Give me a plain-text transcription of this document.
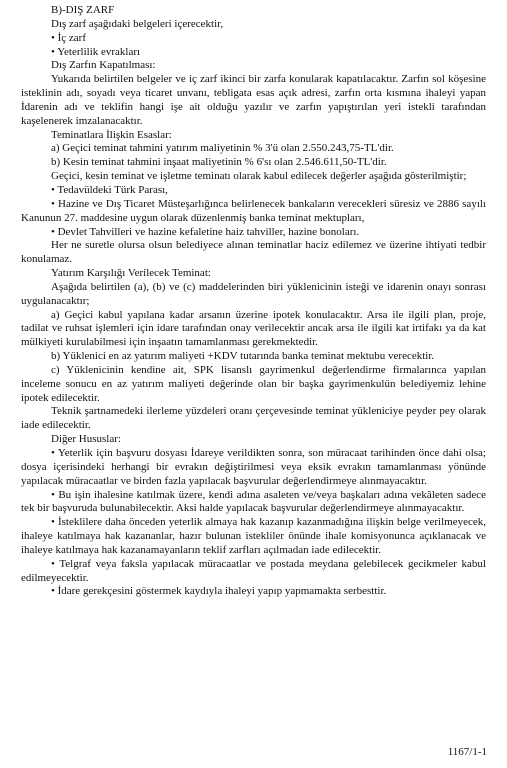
B)-DIŞ ZARF

Dış zarf aşağıdaki belgeleri içerecektir,

• İç zarf

• Yeterlilik evrakları

Dış Zarfın Kapatılması:

Yukarıda belirtilen belgeler ve iç zarf ikinci bir zarfa konularak kapatılacaktır. Zarfın sol köşesine isteklinin adı, soyadı veya ticaret unvanı, tebligata esas açık adresi, zarfın orta kısmına ihaleyi yapan İdarenin adı ve teklifin hangi işe ait olduğu yazılır ve zarfın yapıştırılan yeri istekli tarafından kaşelenerek imzalanacaktır.

Teminatlara İlişkin Esaslar:

a) Geçici teminat tahmini yatırım maliyetinin % 3'ü olan 2.550.243,75-TL'dir.

b) Kesin teminat tahmini inşaat maliyetinin % 6'sı olan 2.546.611,50-TL'dir.

Geçici, kesin teminat ve işletme teminatı olarak kabul edilecek değerler aşağıda gösterilmiştir;

• Tedavüldeki Türk Parası,

• Hazine ve Dış Ticaret Müsteşarlığınca belirlenecek bankaların verecekleri süresiz ve 2886 sayılı Kanunun 27. maddesine uygun olarak düzenlenmiş banka teminat mektupları,

• Devlet Tahvilleri ve hazine kefaletine haiz tahviller, hazine bonoları.

Her ne suretle olursa olsun belediyece alınan teminatlar haciz edilemez ve üzerine ihtiyati tedbir konulamaz.

Yatırım Karşılığı Verilecek Teminat:

Aşağıda belirtilen (a), (b) ve (c) maddelerinden biri yüklenicinin isteği ve idarenin onayı sonrası uygulanacaktır;

a) Geçici kabul yapılana kadar arsanın üzerine ipotek konulacaktır. Arsa ile ilgili plan, proje, tadilat ve ruhsat işlemleri için idare tarafından onay verilecektir ancak arsa ile ilgili kat irtifakı ya da kat mülkiyeti kurulabilmesi için inşaatın tamamlanması gerekmektedir.

b) Yüklenici en az yatırım maliyeti +KDV tutarında banka teminat mektubu verecektir.

c) Yüklenicinin kendine ait, SPK lisanslı gayrimenkul değerlendirme firmalarınca yapılan inceleme sonucu en az yatırım maliyeti değerinde olan bir başka gayrimenkulün belediyemiz lehine ipotek edilecektir.

Teknik şartnamedeki ilerleme yüzdeleri oranı çerçevesinde teminat yükleniciye peyder pey olarak iade edilecektir.

Diğer Hususlar:

• Yeterlik için başvuru dosyası İdareye verildikten sonra, son müracaat tarihinden önce dahi olsa; dosya içerisindeki herhangi bir evrakın değiştirilmesi veya eksik evrakın tamamlanması yönünde yapılacak müracaatlar ve birden fazla yapılacak başvurular değerlendirmeye alınmayacaktır.

• Bu işin ihalesine katılmak üzere, kendi adına asaleten ve/veya başkaları adına vekâleten sadece tek bir başvuruda bulunabilecektir. Aksi halde yapılacak başvurular değerlendirmeye alınmayacaktır.

• İsteklilere daha önceden yeterlik almaya hak kazanıp kazanmadığına ilişkin belge verilmeyecek, ihaleye katılmaya hak kazananlar, hazır bulunan istekliler önünde ihale komisyonunca açıklanacak ve ihaleye katılmaya hak kazanamayanların teklif zarfları açılmadan iade edilecektir.

• Telgraf veya faksla yapılacak müracaatlar ve postada meydana gelebilecek gecikmeler kabul edilmeyecektir.

• İdare gerekçesini göstermek kaydıyla ihaleyi yapıp yapmamakta serbesttir.

1167/1-1
